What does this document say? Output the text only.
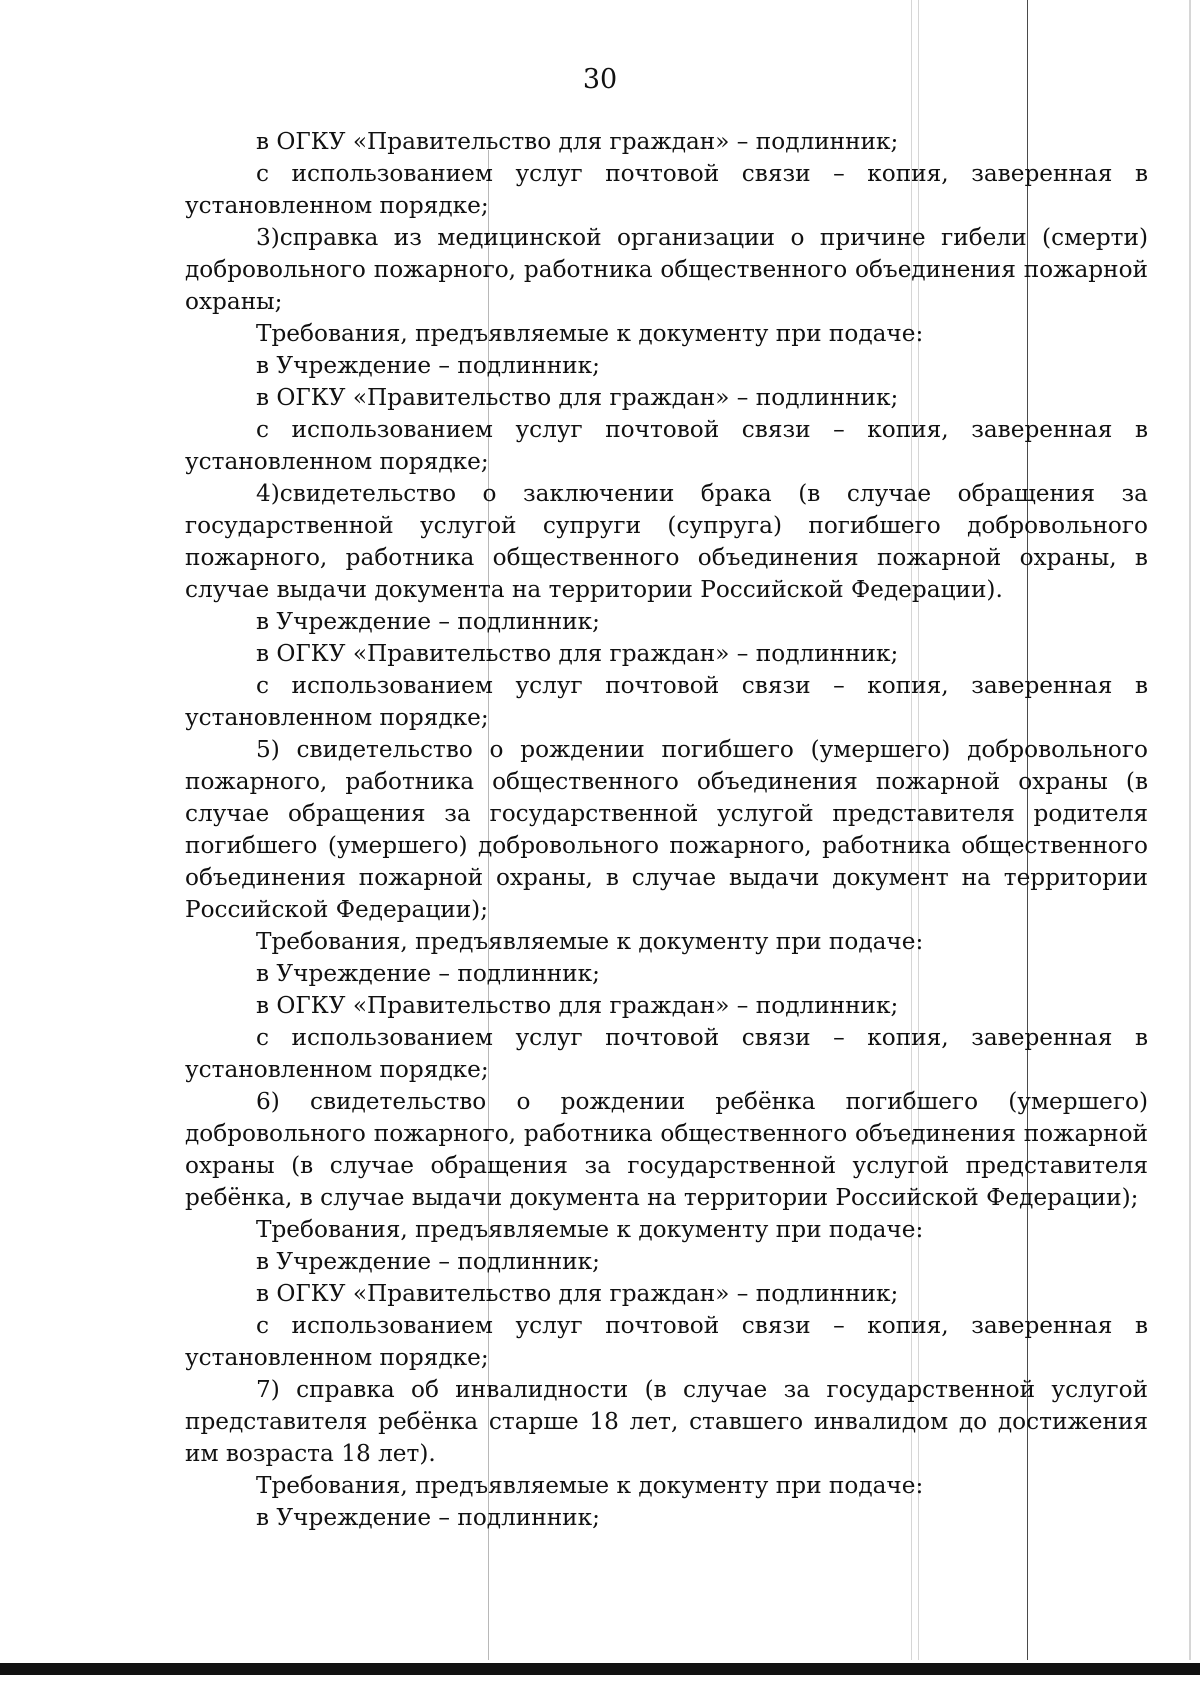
30

в ОГКУ «Правительство для граждан» – подлинник;

с использованием услуг почтовой связи – копия, заверенная в установленном порядке;

3)справка из медицинской организации о причине гибели (смерти) добровольного пожарного, работника общественного объединения пожарной охраны;

Требования, предъявляемые к документу при подаче:

в Учреждение – подлинник;

в ОГКУ «Правительство для граждан» – подлинник;

с использованием услуг почтовой связи – копия, заверенная в установленном порядке;

4)свидетельство о заключении брака (в случае обращения за государственной услугой супруги (супруга) погибшего добровольного пожарного, работника общественного объединения пожарной охраны, в случае выдачи документа на территории Российской Федерации).

в Учреждение – подлинник;

в ОГКУ «Правительство для граждан» – подлинник;

с использованием услуг почтовой связи – копия, заверенная в установленном порядке;

5) свидетельство о рождении погибшего (умершего) добровольного пожарного, работника общественного объединения пожарной охраны (в случае обращения за государственной услугой представителя родителя погибшего (умершего) добровольного пожарного, работника общественного объединения пожарной охраны, в случае выдачи документ на территории Российской Федерации);

Требования, предъявляемые к документу при подаче:

в Учреждение – подлинник;

в ОГКУ «Правительство для граждан» – подлинник;

с использованием услуг почтовой связи – копия, заверенная в установленном порядке;

6) свидетельство о рождении ребёнка погибшего (умершего) добровольного пожарного, работника общественного объединения пожарной охраны (в случае обращения за государственной услугой представителя ребёнка, в случае выдачи документа на территории Российской Федерации);

Требования, предъявляемые к документу при подаче:

в Учреждение – подлинник;

в ОГКУ «Правительство для граждан» – подлинник;

с использованием услуг почтовой связи – копия, заверенная в установленном порядке;

7) справка об инвалидности (в случае за государственной услугой представителя ребёнка старше 18 лет, ставшего инвалидом до достижения им возраста 18 лет).

Требования, предъявляемые к документу при подаче:

в Учреждение – подлинник;
